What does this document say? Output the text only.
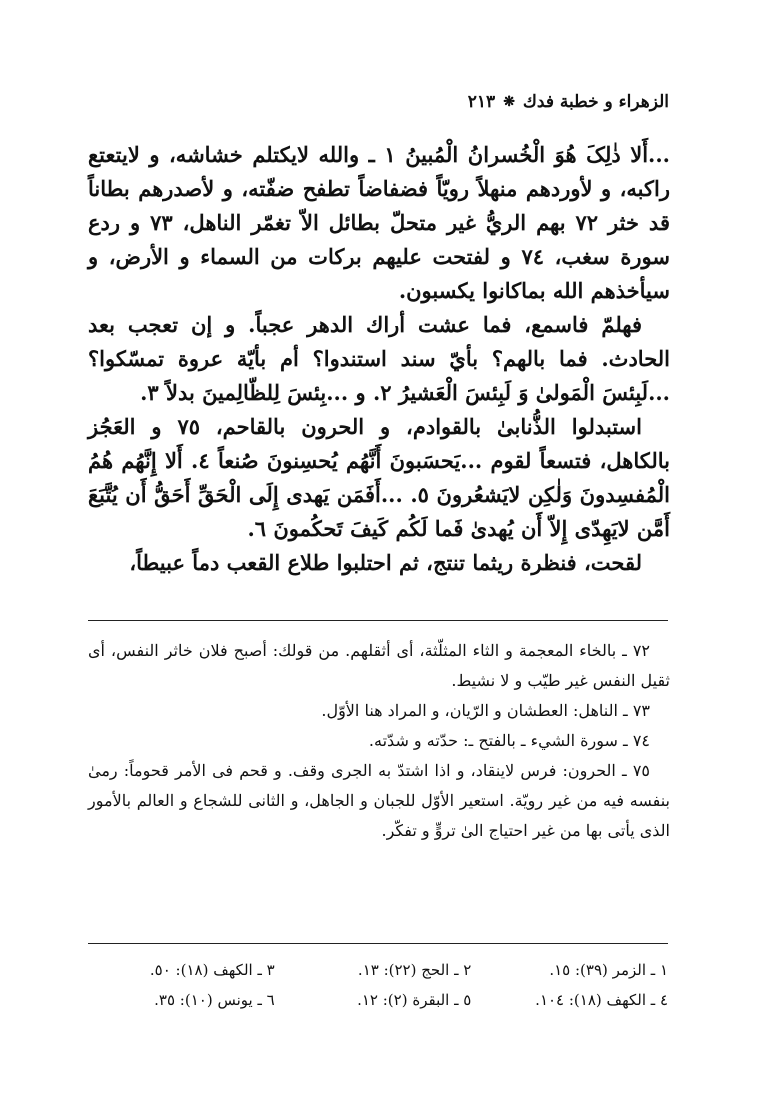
الزهراء و خطبة فدك
❋
٢١٣

...أَلا ذٰلِکَ هُوَ الْخُسرانُ الْمُبينُ ١ ـ والله لايكتلم خشاشه، و لايتعتع راكبه، و لأوردهم منهلاً رويّاً فضفاضاً تطفح ضفّته، و لأصدرهم بطاناً قد خثر ٧٢ بهم الريُّ غير متحلّ بطائل الاّ تغمّر الناهل، ٧٣ و ردع سورة سغب، ٧٤ و لفتحت عليهم بركات من السماء و الأرض، و سيأخذهم الله بماكانوا يكسبون.

فهلمّ فاسمع، فما عشت أراك الدهر عجباً. و إن تعجب بعد الحادث. فما بالهم؟ بأيّ سند استندوا؟ أم بأيّة عروة تمسّكوا؟ ...لَبِئسَ الْمَولىٰ وَ لَبِئسَ الْعَشيرُ ٢. و ...بِئسَ لِلظّالِمينَ بدلاً ٣.

استبدلوا الذُّنابىٰ بالقوادم، و الحرون بالقاحم، ٧٥ و العَجُز بالكاهل، فتسعاً لقوم ...يَحسَبونَ أَنَّهُم يُحسِنونَ صُنعاً ٤. أَلا إِنَّهُم هُمُ الْمُفسِدونَ وَلٰكِن لايَشعُرونَ ٥. ...أَفَمَن يَهدى إِلَى الْحَقِّ أَحَقُّ أَن يُتَّبَعَ أَمَّن لايَهِدّى إِلاّ أَن يُهدىٰ فَما لَكُم كَيفَ تَحكُمونَ ٦.

لقحت، فنظرة ريثما تنتج، ثم احتلبوا طلاع القعب دماً عبيطاً،

٧٢ ـ بالخاء المعجمة و الثاء المثلّثة، أى أثقلهم. من قولك: أصبح فلان خاثر النفس، أى ثقيل النفس غير طيّب و لا نشيط.

٧٣ ـ الناهل: العطشان و الرّيان، و المراد هنا الأوّل.

٧٤ ـ سورة الشيء ـ بالفتح ـ: حدّته و شدّته.

٧٥ ـ الحرون: فرس لاينقاد، و اذا اشتدّ به الجرى وقف. و قحم فى الأمر قحوماً: رمىٰ بنفسه فيه من غير رويّة. استعير الأوّل للجبان و الجاهل، و الثانى للشجاع و العالم بالأمور الذى يأتى بها من غير احتياج الىٰ تروٍّ و تفكّر.

١ ـ الزمر (٣٩): ١٥.
٢ ـ الحج (٢٢): ١٣.
٣ ـ الكهف (١٨): ٥٠.
٤ ـ الكهف (١٨): ١٠٤.
٥ ـ البقرة (٢): ١٢.
٦ ـ يونس (١٠): ٣٥.
